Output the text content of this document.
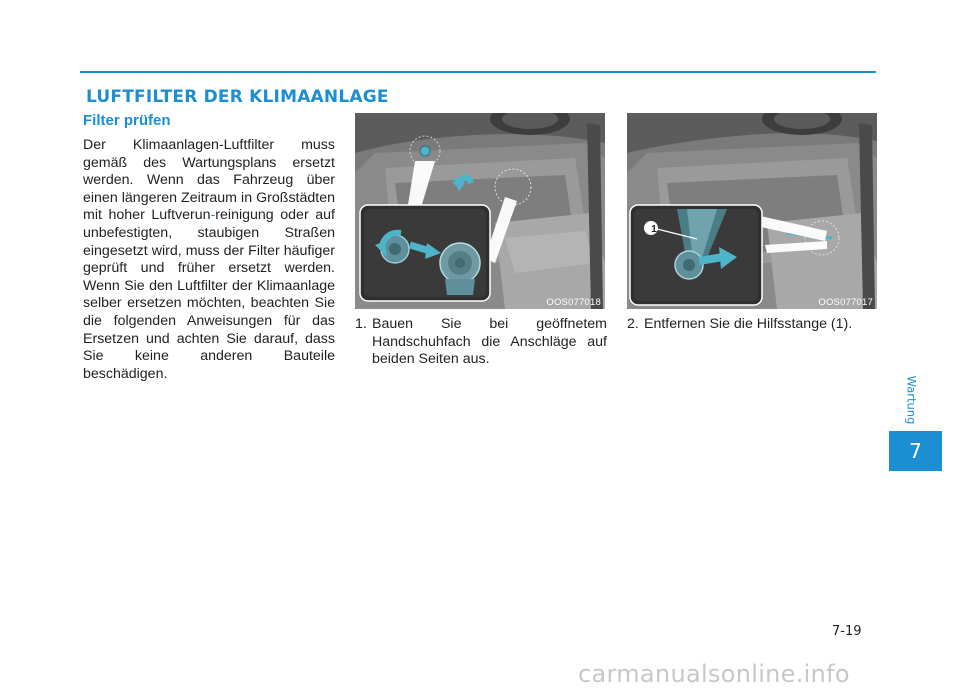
LUFTFILTER DER KLIMAANLAGE
Filter prüfen

Der Klimaanlagen-Luftfilter muss gemäß des Wartungsplans ersetzt werden. Wenn das Fahrzeug über einen längeren Zeitraum in Großstädten mit hoher Luftverun-reinigung oder auf unbefestigten, staubigen Straßen eingesetzt wird, muss der Filter häufiger geprüft und früher ersetzt werden. Wenn Sie den Luftfilter der Klimaanlage selber ersetzen möchten, beachten Sie die folgenden Anweisungen für das Ersetzen und achten Sie darauf, dass Sie keine anderen Bauteile beschädigen.

OOS077018
1
OOS077017
1. Bauen Sie bei geöffnetem Handschuhfach die Anschläge auf beiden Seiten aus.
2. Entfernen Sie die Hilfsstange (1).
Wartung
7
7-19
carmanualsonline.info
